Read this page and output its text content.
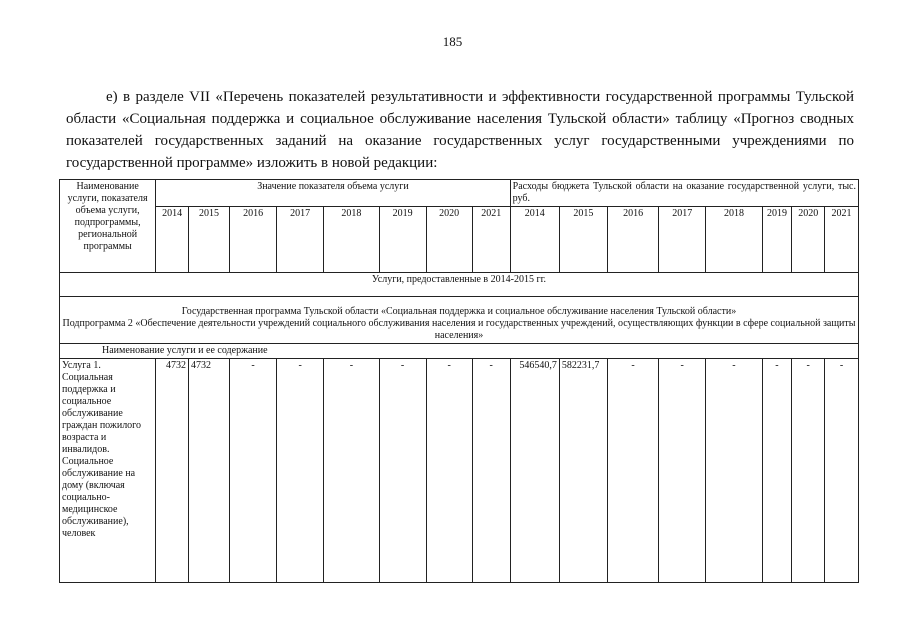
185
е) в разделе VII «Перечень показателей результативности и эффективности государственной программы Тульской области «Социальная поддержка и социальное обслуживание населения Тульской области» таблицу «Прогноз сводных показателей государственных заданий на оказание государственных услуг государственными учреждениями по государственной программе» изложить в новой редакции:
Наименование услуги, показателя объема услуги, подпрограммы, региональной программы	Значение показателя объема услуги								Расходы бюджета Тульской области на оказание государственной услуги, тыс. руб.							
	2014	2015	2016	2017	2018	2019	2020	2021	2014	2015	2016	2017	2018	2019	2020	2021
Услуги, предоставленные в 2014-2015 гг.																

Государственная программа Тульской области «Социальная поддержка и социальное обслуживание населения Тульской области»
Подпрограмма 2 «Обеспечение деятельности учреждений социального обслуживания населения и государственных учреждений, осуществляющих функции в сфере социальной защиты населения»																

Наименование услуги и ее содержание																
Услуга 1. Социальная поддержка и социальное обслуживание граждан пожилого возраста и инвалидов. Социальное обслуживание на дому (включая социально-медицинское обслуживание), человек	4732	4732	-	-	-	-	-	-	546540,7	582231,7	-	-	-	-	-	-
